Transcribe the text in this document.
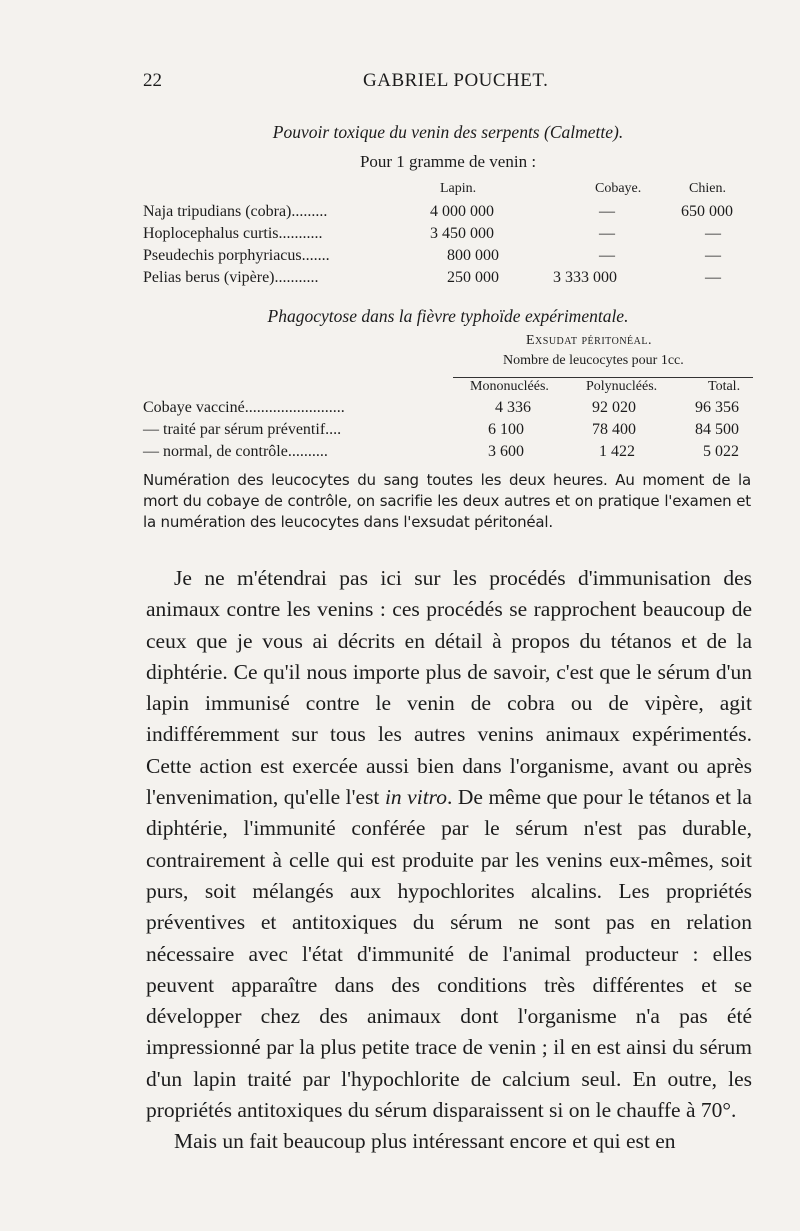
22	GABRIEL POUCHET.
Pouvoir toxique du venin des serpents (Calmette).
Pour 1 gramme de venin :
Lapin.	Cobaye.	Chien.
Naja tripudians (cobra).........	4 000 000	—	650 000
Hoplocephalus curtis...........	3 450 000	—	—
Pseudechis porphyriacus.......	800 000	—	—
Pelias berus (vipère)...........	250 000	3 333 000	—
Phagocytose dans la fièvre typhoïde expérimentale.
Exsudat péritonéal.
Nombre de leucocytes pour 1cc.
Mononucléés.	Polynucléés.	Total.
Cobaye vacciné.........................	4 336	92 020	96 356
— traité par sérum préventif....	6 100	78 400	84 500
— normal, de contrôle..........	3 600	1 422	5 022
Numération des leucocytes du sang toutes les deux heures. Au moment de la mort du cobaye de contrôle, on sacrifie les deux autres et on pratique l'examen et la numération des leucocytes dans l'exsudat péritonéal.

Je ne m'étendrai pas ici sur les procédés d'immunisation des animaux contre les venins : ces procédés se rapprochent beaucoup de ceux que je vous ai décrits en détail à propos du tétanos et de la diphtérie. Ce qu'il nous importe plus de savoir, c'est que le sérum d'un lapin immunisé contre le venin de cobra ou de vipère, agit indifféremment sur tous les autres venins animaux expérimentés. Cette action est exercée aussi bien dans l'organisme, avant ou après l'envenimation, qu'elle l'est in vitro. De même que pour le tétanos et la diphtérie, l'immunité conférée par le sérum n'est pas durable, contrairement à celle qui est produite par les venins eux-mêmes, soit purs, soit mélangés aux hypochlorites alcalins. Les propriétés préventives et antitoxiques du sérum ne sont pas en relation nécessaire avec l'état d'immunité de l'animal producteur : elles peuvent apparaître dans des conditions très différentes et se développer chez des animaux dont l'organisme n'a pas été impressionné par la plus petite trace de venin ; il en est ainsi du sérum d'un lapin traité par l'hypochlorite de calcium seul. En outre, les propriétés antitoxiques du sérum disparaissent si on le chauffe à 70°.

Mais un fait beaucoup plus intéressant encore et qui est en
